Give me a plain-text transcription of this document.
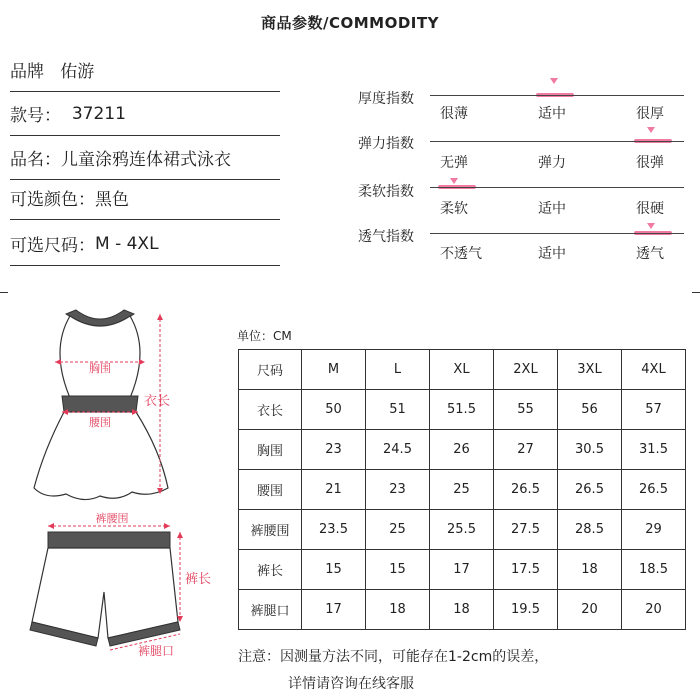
商品参数/COMMODITY
品牌 佑游
款号： 37211
品名： 儿童涂鸦连体裙式泳衣
可选颜色： 黑色
可选尺码： M - 4XL
厚度指数
很薄	适中	很厚
弹力指数
无弹	弹力	很弹
柔软指数
柔软	适中	很硬
透气指数
不透气	适中	透气
胸围
腰围
衣长
裤腰围
裤长
裤腿口
单位：CM
尺码	M	L	XL	2XL	3XL	4XL
衣长	50	51	51.5	55	56	57
胸围	23	24.5	26	27	30.5	31.5
腰围	21	23	25	26.5	26.5	26.5
裤腰围	23.5	25	25.5	27.5	28.5	29
裤长	15	15	17	17.5	18	18.5
裤腿口	17	18	18	19.5	20	20
注意：因测量方法不同，可能存在1-2cm的误差，
详情请咨询在线客服
